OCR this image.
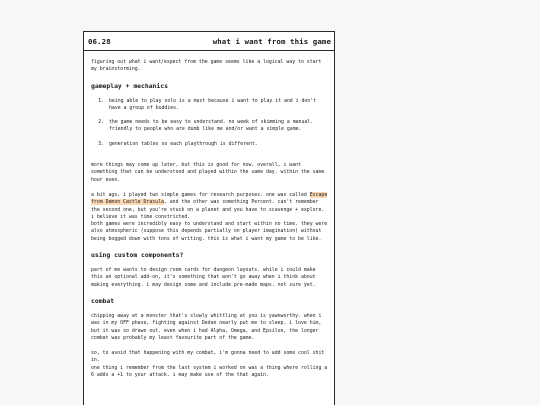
06.28	what i want from this game

figuring out what i want/expect from the game seems like a logical way to start my brainstorming.

gameplay + mechanics
1. being able to play solo is a must because i want to play it and i don't have a group of buddies.
2. the game needs to be easy to understand. no week of skimming a manual. friendly to people who are dumb like me and/or want a simple game.
3. generation tables so each playthrough is different.

more things may come up later, but this is good for now. overall, i want something that can be understood and played within the same day. within the same hour even.

a bit ago, i played two simple games for research purposes. one was called Escape from Demon Castle Dracula, and the other was something Percent. can't remember the second one, but you're stuck on a planet and you have to scavenge + explore. i believe it was time constricted.
both games were incredibly easy to understand and start within no time. they were also atmospheric (suppose this depends partially on player imagination) without being bogged down with tons of writing. this is what i want my game to be like.

using custom components?

part of me wants to design room cards for dungeon layouts. while i could make this an optional add-on, it's something that won't go away when i think about making everything. i may design some and include pre-made maps. not sure yet.

combat

chipping away at a monster that's slowly whittling at you is yawnworthy. when i was in my OFF phase, fighting against Dedan nearly put me to sleep. i love him, but it was so drawn out. even when i had Alpha, Omega, and Epsilon, the longer combat was probably my least favourite part of the game.

so, to avoid that happening with my combat, i'm gonna need to add some cool shit in.
one thing i remember from the last system i worked on was a thing where rolling a 6 adds a +1 to your attack. i may make use of the that again.
